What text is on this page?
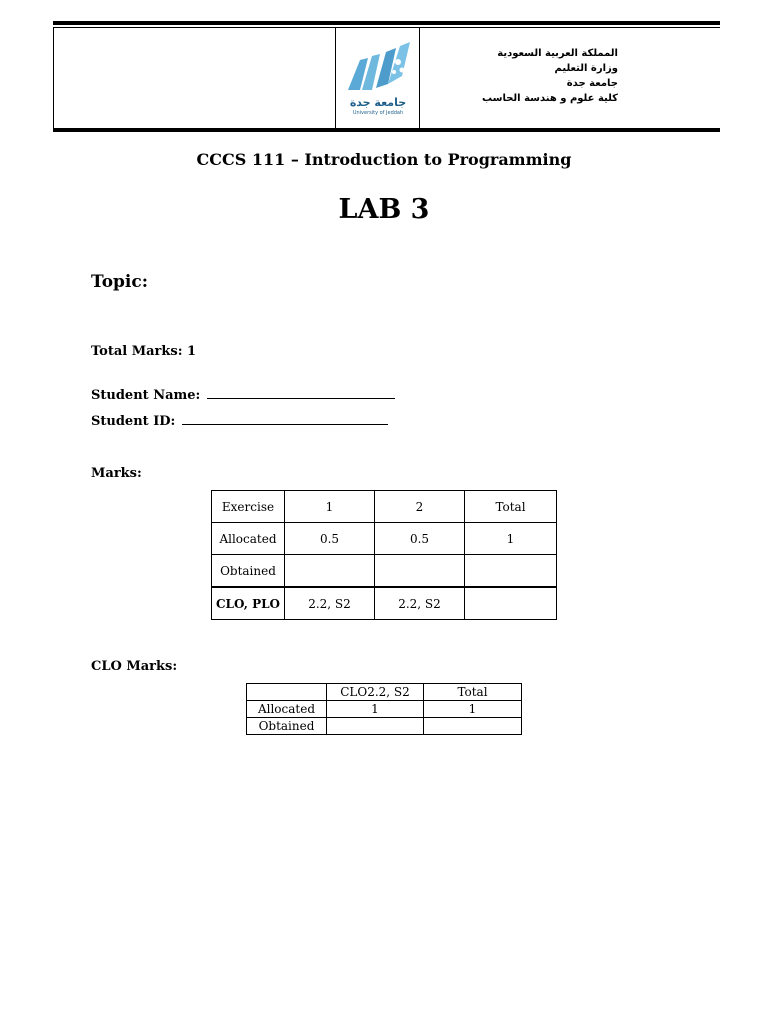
جامعة جدة
University of Jeddah
المملكة العربية السعودية
وزارة التعليم
جامعة جدة
كلية علوم و هندسة الحاسب
CCCS 111 – Introduction to Programming
LAB 3
Topic:
Total Marks: 1
Student Name:
Student ID:
Marks:
Exercise	1	2	Total
Allocated	0.5	0.5	1
Obtained			
CLO, PLO	2.2, S2	2.2, S2	
CLO Marks:
	CLO2.2, S2	Total
Allocated	1	1
Obtained		
